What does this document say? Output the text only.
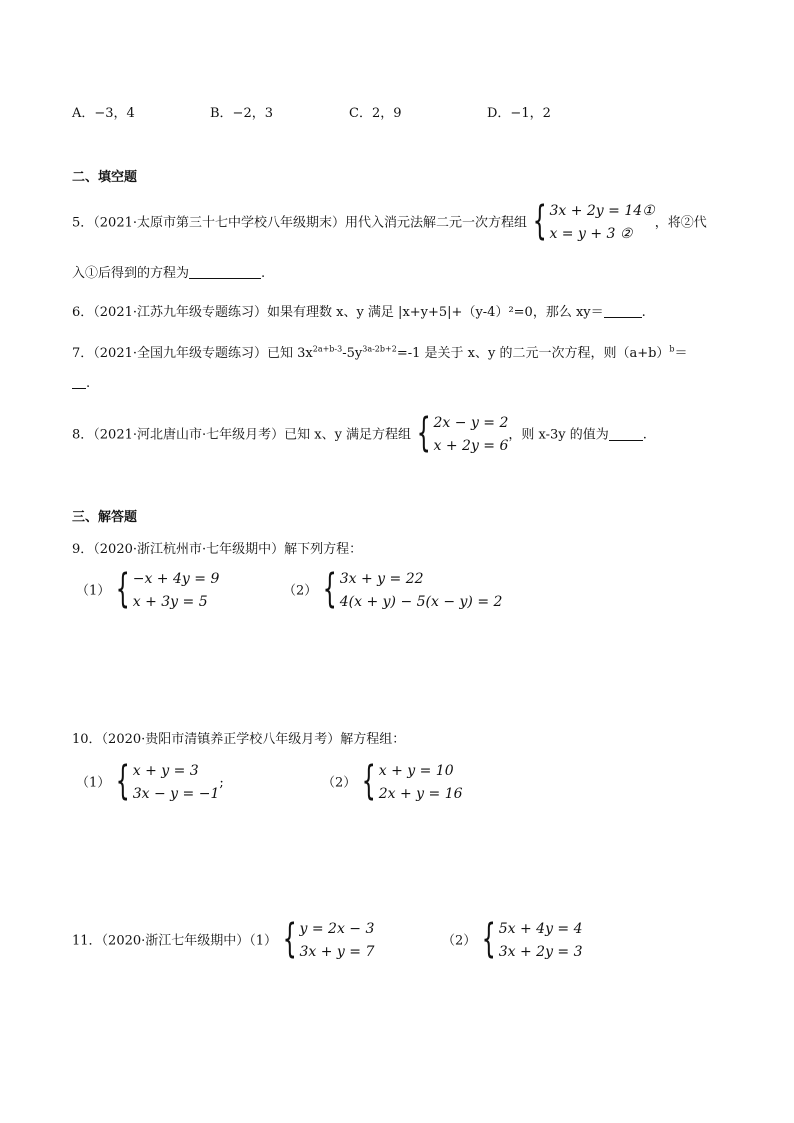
A．−3，4	B．−2，3	C．2，9	D．−1，2
二、填空题
5．（2021·太原市第三十七中学校八年级期末）用代入消元法解二元一次方程组 { 3x + 2y = 14①
x = y + 3 ②
，将②代
入①后得到的方程为	.
6．（2021·江苏九年级专题练习）如果有理数 x、y 满足 |x+y+5|+（y-4）²=0，那么 xy＝	.
7．（2021·全国九年级专题练习）已知 $3x^{2a+b-3}-5y^{3a-2b+2}=-1$ 是关于 x、y 的二元一次方程，则$(a+b)^b=$
.
8．（2021·河北唐山市·七年级月考）已知 x、y 满足方程组 { 2x − y = 2
x + 2y = 6
，则 x-3y 的值为	.
三、解答题
9．（2020·浙江杭州市·七年级期中）解下列方程：
（1） { −x + 4y = 9
x + 3y = 5
（2） { 3x + y = 22
4(x + y) − 5(x − y) = 2
10．（2020·贵阳市清镇养正学校八年级月考）解方程组：
（1） { x + y = 3
3x − y = −1
;	（2） { x + y = 10
2x + y = 16
11．（2020·浙江七年级期中）（1） { y = 2x − 3
3x + y = 7
（2） { 5x + 4y = 4
3x + 2y = 3
